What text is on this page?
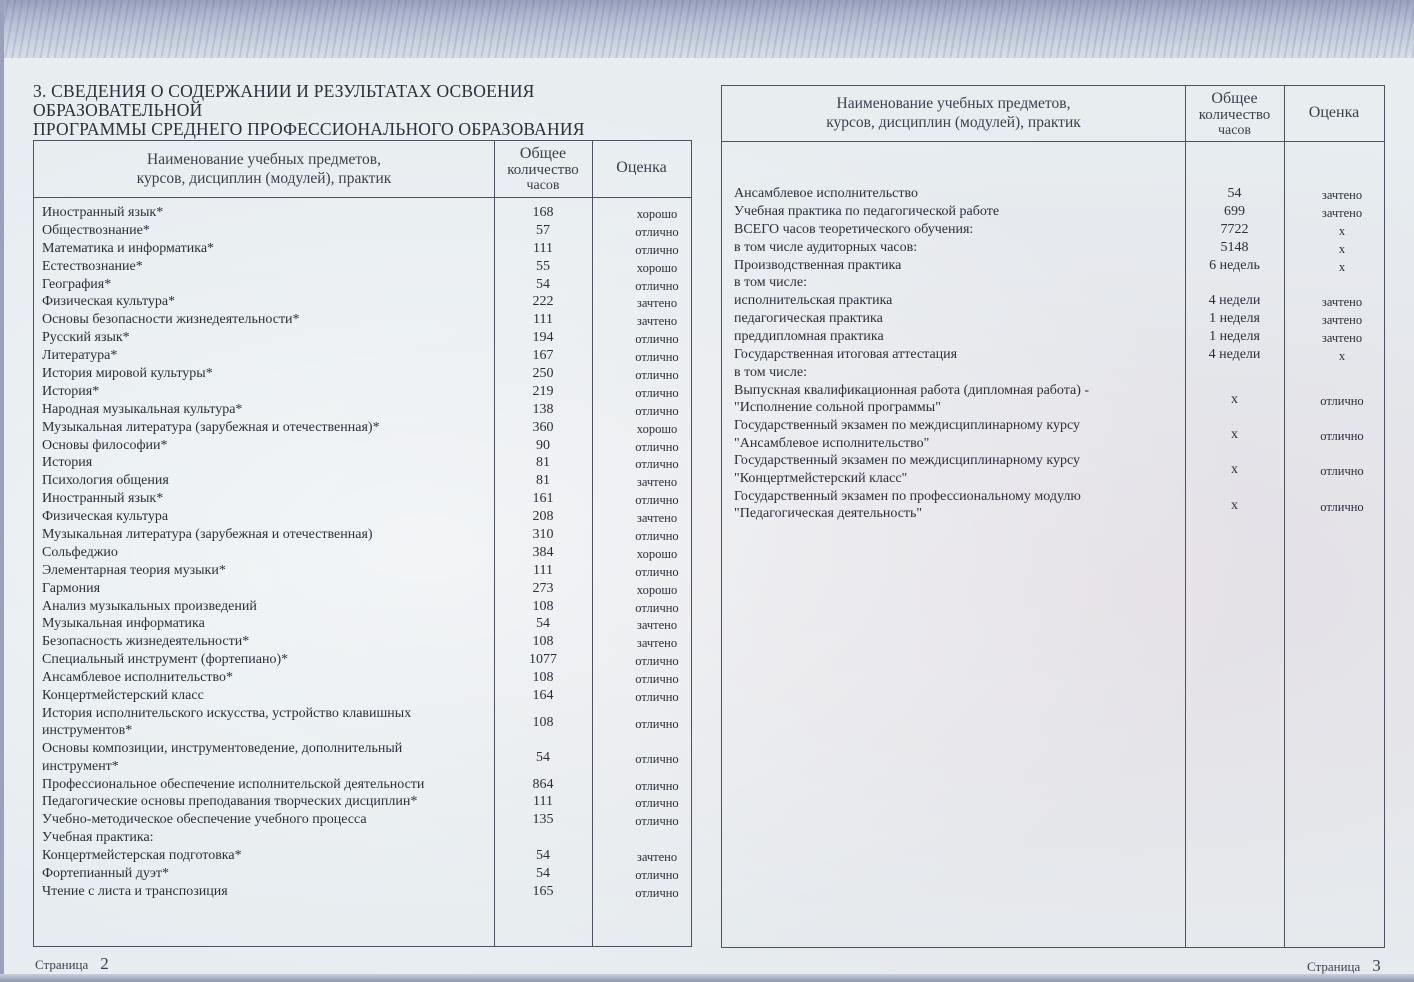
3. СВЕДЕНИЯ О СОДЕРЖАНИИ И РЕЗУЛЬТАТАХ ОСВОЕНИЯ ОБРАЗОВАТЕЛЬНОЙ
ПРОГРАММЫ СРЕДНЕГО ПРОФЕССИОНАЛЬНОГО ОБРАЗОВАНИЯ
Наименование учебных предметов,
курсов, дисциплин (модулей), практик
Общее
количество
часов
Оценка
Иностранный язык*	168	хорошо
Обществознание*	57	отлично
Математика и информатика*	111	отлично
Естествознание*	55	хорошо
География*	54	отлично
Физическая культура*	222	зачтено
Основы безопасности жизнедеятельности*	111	зачтено
Русский язык*	194	отлично
Литература*	167	отлично
История мировой культуры*	250	отлично
История*	219	отлично
Народная музыкальная культура*	138	отлично
Музыкальная литература (зарубежная и отечественная)*	360	хорошо
Основы философии*	90	отлично
История	81	отлично
Психология общения	81	зачтено
Иностранный язык*	161	отлично
Физическая культура	208	зачтено
Музыкальная литература (зарубежная и отечественная)	310	отлично
Сольфеджио	384	хорошо
Элементарная теория музыки*	111	отлично
Гармония	273	хорошо
Анализ музыкальных произведений	108	отлично
Музыкальная информатика	54	зачтено
Безопасность жизнедеятельности*	108	зачтено
Специальный инструмент (фортепиано)*	1077	отлично
Ансамблевое исполнительство*	108	отлично
Концертмейстерский класс	164	отлично
История исполнительского искусства, устройство клавишных
инструментов*
108	отлично
Основы композиции, инструментоведение, дополнительный
инструмент*
54	отлично
Профессиональное обеспечение исполнительской деятельности	864	отлично
Педагогические основы преподавания творческих дисциплин*	111	отлично
Учебно-методическое обеспечение учебного процесса	135	отлично
Учебная практика:
Концертмейстерская подготовка*	54	зачтено
Фортепианный дуэт*	54	отлично
Чтение с листа и транспозиция	165	отлично
Страница 2
Наименование учебных предметов,
курсов, дисциплин (модулей), практик
Общее
количество
часов
Оценка
Ансамблевое исполнительство	54	зачтено
Учебная практика по педагогической работе	699	зачтено
ВСЕГО часов теоретического обучения:	7722	х
в том числе аудиторных часов:	5148	х
Производственная практика	6 недель	х
в том числе:
исполнительская практика	4 недели	зачтено
педагогическая практика	1 неделя	зачтено
преддипломная практика	1 неделя	зачтено
Государственная итоговая аттестация	4 недели	х
в том числе:
Выпускная квалификационная работа (дипломная работа) -
"Исполнение сольной программы"
х	отлично
Государственный экзамен по междисциплинарному курсу
"Ансамблевое исполнительство"
х	отлично
Государственный экзамен по междисциплинарному курсу
"Концертмейстерский класс"
х	отлично
Государственный экзамен по профессиональному модулю
"Педагогическая деятельность"
х	отлично
Страница 3
